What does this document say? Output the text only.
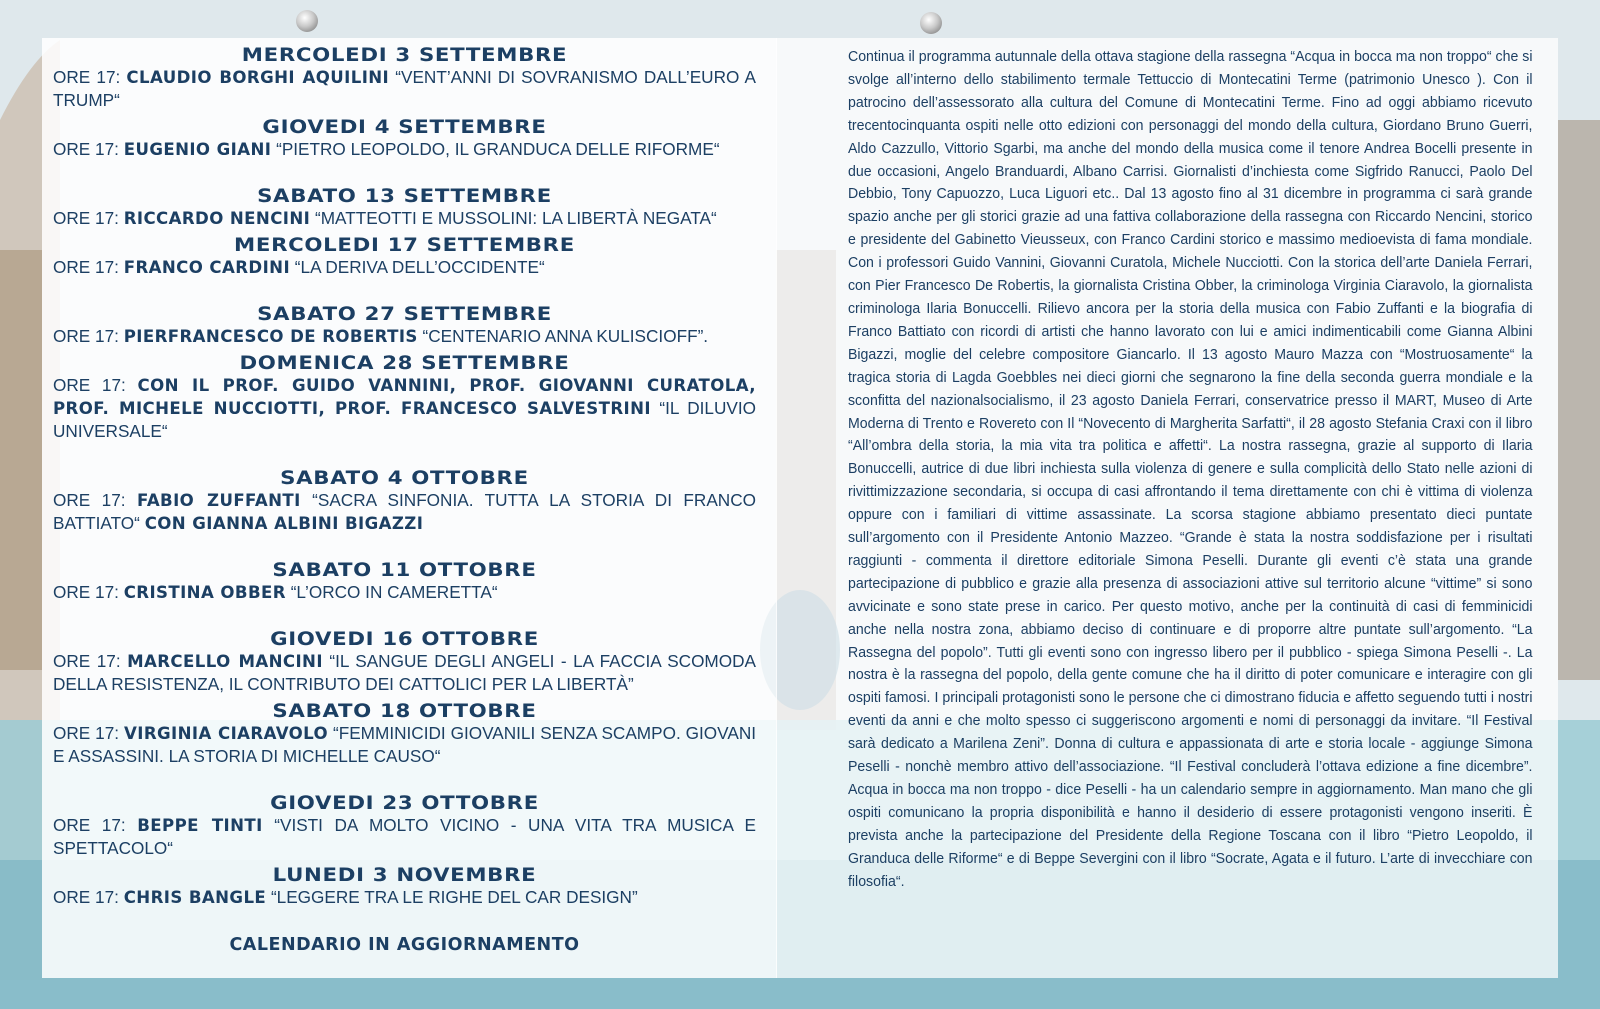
MERCOLEDI 3 SETTEMBRE
ORE 17: CLAUDIO BORGHI AQUILINI “VENT’ANNI DI SOVRANISMO DALL’EURO A TRUMP“
GIOVEDI 4 SETTEMBRE
ORE 17: EUGENIO GIANI “PIETRO LEOPOLDO, IL GRANDUCA DELLE RIFORME“
SABATO 13 SETTEMBRE
ORE 17: RICCARDO NENCINI “MATTEOTTI E MUSSOLINI: LA LIBERTÀ NEGATA“
MERCOLEDI 17 SETTEMBRE
ORE 17: FRANCO CARDINI “LA DERIVA DELL’OCCIDENTE“
SABATO 27 SETTEMBRE
ORE 17: PIERFRANCESCO DE ROBERTIS “CENTENARIO ANNA KULISCIOFF”.
DOMENICA 28 SETTEMBRE
ORE 17: CON IL PROF. GUIDO VANNINI, PROF. GIOVANNI CURATOLA, PROF. MICHELE NUCCIOTTI, PROF. FRANCESCO SALVESTRINI “IL DILUVIO UNIVERSALE“
SABATO 4 OTTOBRE
ORE 17: FABIO ZUFFANTI “SACRA SINFONIA. TUTTA LA STORIA DI FRANCO BATTIATO“ CON GIANNA ALBINI BIGAZZI
SABATO 11 OTTOBRE
ORE 17: CRISTINA OBBER “L’ORCO IN CAMERETTA“
GIOVEDI 16 OTTOBRE
ORE 17: MARCELLO MANCINI “IL SANGUE DEGLI ANGELI - LA FACCIA SCOMODA DELLA RESISTENZA, IL CONTRIBUTO DEI CATTOLICI PER LA LIBERTÀ”
SABATO 18 OTTOBRE
ORE 17: VIRGINIA CIARAVOLO “FEMMINICIDI GIOVANILI SENZA SCAMPO. GIOVANI E ASSASSINI. LA STORIA DI MICHELLE CAUSO“
GIOVEDI 23 OTTOBRE
ORE 17: BEPPE TINTI “VISTI DA MOLTO VICINO - UNA VITA TRA MUSICA E SPETTACOLO“
LUNEDI 3 NOVEMBRE
ORE 17: CHRIS BANGLE “LEGGERE TRA LE RIGHE DEL CAR DESIGN”
CALENDARIO IN AGGIORNAMENTO
Continua il programma autunnale della ottava stagione della rassegna “Acqua in bocca ma non troppo“ che si svolge all’interno dello stabilimento termale Tettuccio di Montecatini Terme (patrimonio Unesco ). Con il patrocino dell’assessorato alla cultura del Comune di Montecatini Terme. Fino ad oggi abbiamo ricevuto trecentocinquanta ospiti nelle otto edizioni con personaggi del mondo della cultura, Giordano Bruno Guerri, Aldo Cazzullo, Vittorio Sgarbi, ma anche del mondo della musica come il tenore Andrea Bocelli presente in due occasioni, Angelo Branduardi, Albano Carrisi. Giornalisti d’inchiesta come Sigfrido Ranucci, Paolo Del Debbio, Tony Capuozzo, Luca Liguori etc.. Dal 13 agosto fino al 31 dicembre in programma ci sarà grande spazio anche per gli storici grazie ad una fattiva collaborazione della rassegna con Riccardo Nencini, storico e presidente del Gabinetto Vieusseux, con Franco Cardini storico e massimo medioevista di fama mondiale. Con i professori Guido Vannini, Giovanni Curatola, Michele Nucciotti. Con la storica dell’arte Daniela Ferrari, con Pier Francesco De Robertis, la giornalista Cristina Obber, la criminologa Virginia Ciaravolo, la giornalista criminologa Ilaria Bonuccelli. Rilievo ancora per la storia della musica con Fabio Zuffanti e la biografia di Franco Battiato con ricordi di artisti che hanno lavorato con lui e amici indimenticabili come Gianna Albini Bigazzi, moglie del celebre compositore Giancarlo. Il 13 agosto Mauro Mazza con “Mostruosamente“ la tragica storia di Lagda Goebbles nei dieci giorni che segnarono la fine della seconda guerra mondiale e la sconfitta del nazionalsocialismo, il 23 agosto Daniela Ferrari, conservatrice presso il MART, Museo di Arte Moderna di Trento e Rovereto con Il “Novecento di Margherita Sarfatti“, il 28 agosto Stefania Craxi con il libro “All’ombra della storia, la mia vita tra politica e affetti“. La nostra rassegna, grazie al supporto di Ilaria Bonuccelli, autrice di due libri inchiesta sulla violenza di genere e sulla complicità dello Stato nelle azioni di rivittimizzazione secondaria, si occupa di casi affrontando il tema direttamente con chi è vittima di violenza oppure con i familiari di vittime assassinate. La scorsa stagione abbiamo presentato dieci puntate sull’argomento con il Presidente Antonio Mazzeo. “Grande è stata la nostra soddisfazione per i risultati raggiunti - commenta il direttore editoriale Simona Peselli. Durante gli eventi c’è stata una grande partecipazione di pubblico e grazie alla presenza di associazioni attive sul territorio alcune “vittime” si sono avvicinate e sono state prese in carico. Per questo motivo, anche per la continuità di casi di femminicidi anche nella nostra zona, abbiamo deciso di continuare e di proporre altre puntate sull’argomento. “La Rassegna del popolo”. Tutti gli eventi sono con ingresso libero per il pubblico - spiega Simona Peselli -. La nostra è la rassegna del popolo, della gente comune che ha il diritto di poter comunicare e interagire con gli ospiti famosi. I principali protagonisti sono le persone che ci dimostrano fiducia e affetto seguendo tutti i nostri eventi da anni e che molto spesso ci suggeriscono argomenti e nomi di personaggi da invitare. “Il Festival sarà dedicato a Marilena Zeni”. Donna di cultura e appassionata di arte e storia locale - aggiunge Simona Peselli - nonchè membro attivo dell’associazione. “Il Festival concluderà l’ottava edizione a fine dicembre”. Acqua in bocca ma non troppo - dice Peselli - ha un calendario sempre in aggiornamento. Man mano che gli ospiti comunicano la propria disponibilità e hanno il desiderio di essere protagonisti vengono inseriti. È prevista anche la partecipazione del Presidente della Regione Toscana con il libro “Pietro Leopoldo, il Granduca delle Riforme“ e di Beppe Severgini con il libro “Socrate, Agata e il futuro. L’arte di invecchiare con filosofia“.
